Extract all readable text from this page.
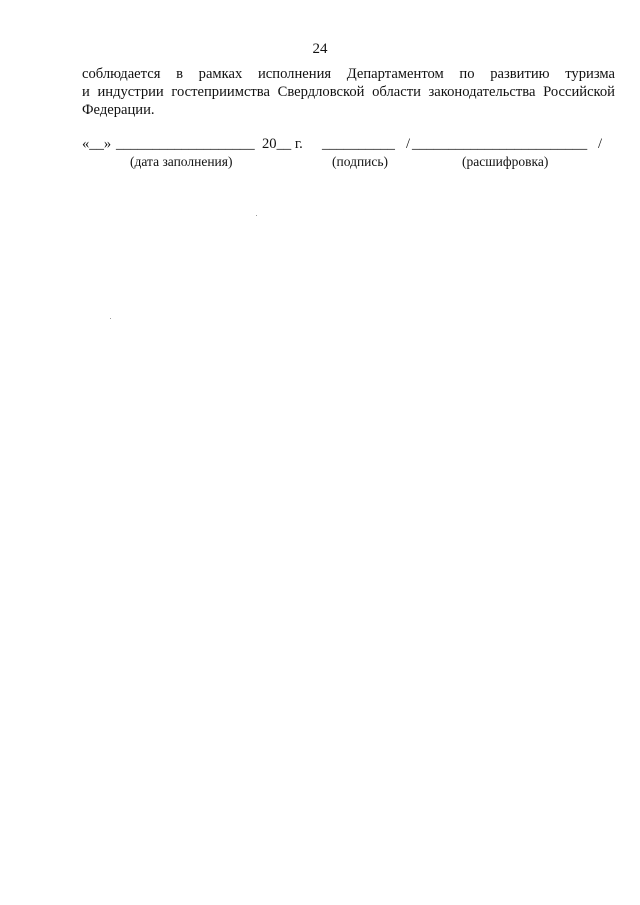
24
соблюдается в рамках исполнения Департаментом по развитию туризма
и индустрии гостеприимства Свердловской области законодательства Российской
Федерации.
«__» ___________________ 20__ г. __________ / ________________________ /
(дата заполнения)	(подпись)	(расшифровка)
